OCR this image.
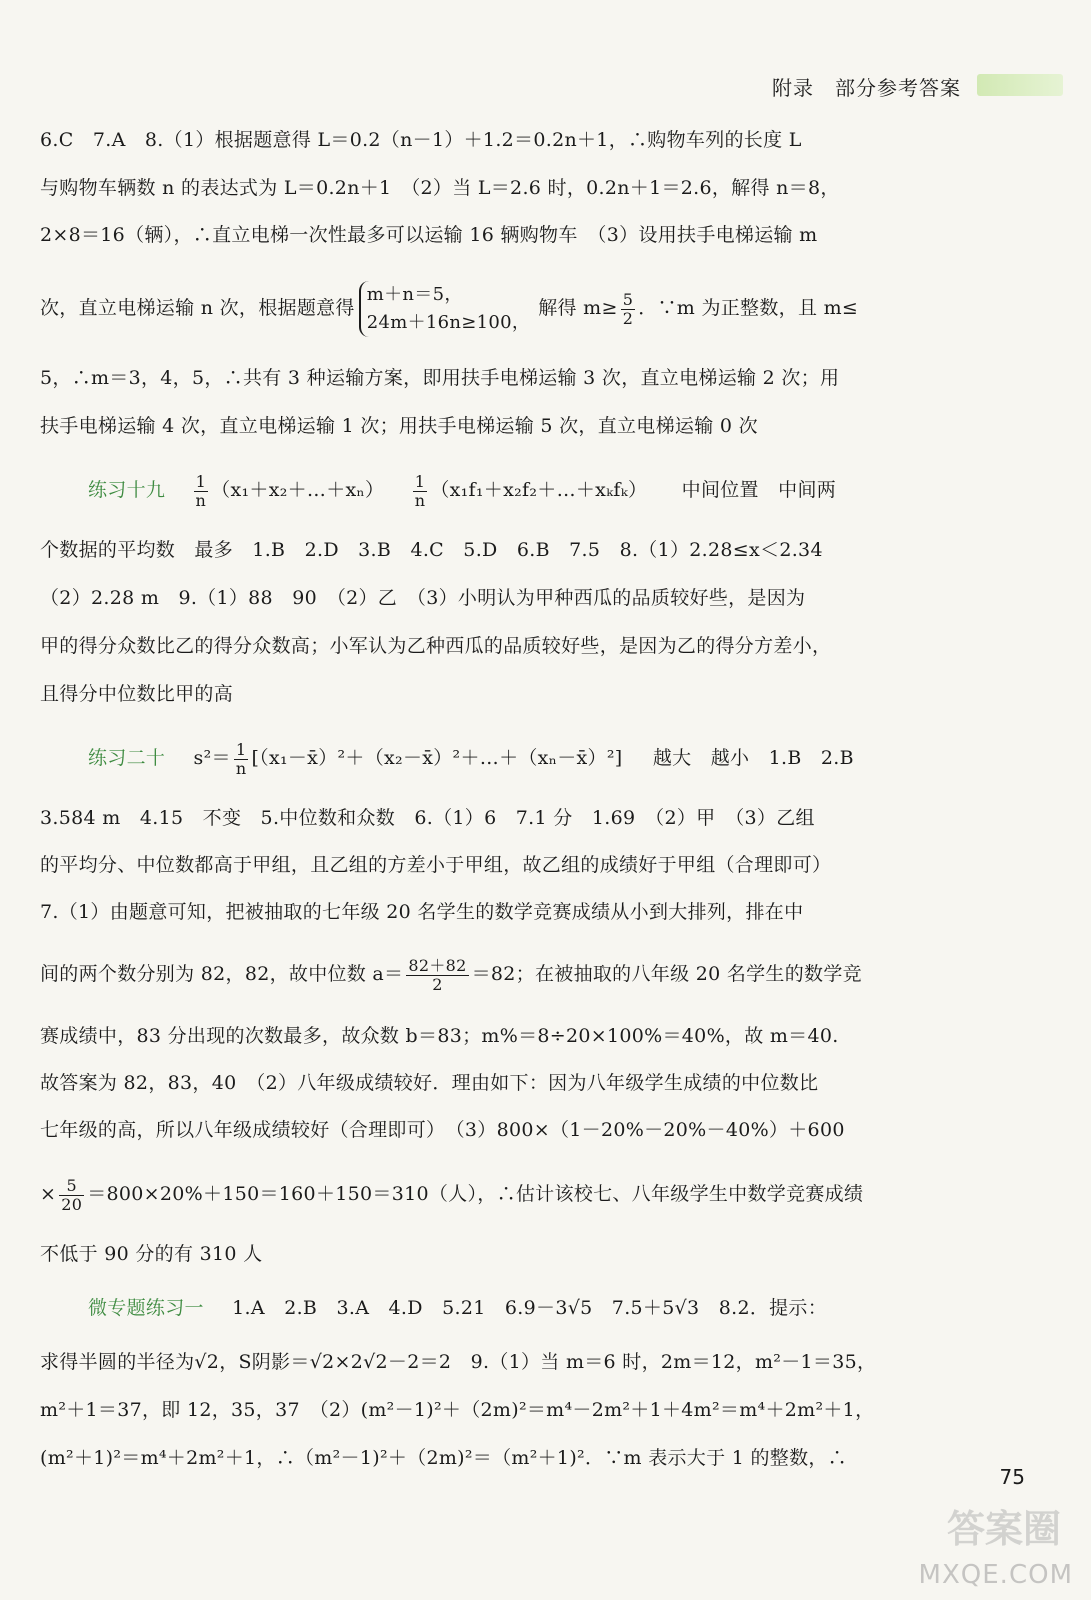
附录　部分参考答案
6.C　7.A　8.（1）根据题意得 L＝0.2（n－1）＋1.2＝0.2n＋1，∴购物车列的长度 L
与购物车辆数 n 的表达式为 L＝0.2n＋1　（2）当 L＝2.6 时，0.2n＋1＝2.6，解得 n＝8，
2×8＝16（辆），∴直立电梯一次性最多可以运输 16 辆购物车　（3）设用扶手电梯运输 m
次，直立电梯运输 n 次，根据题意得m＋n＝5，
24m＋16n≥100，解得 $m\ge \frac{5}{2}$ ．∵m 为正整数，且 m≤
5，∴m＝3，4，5，∴共有 3 种运输方案，即用扶手电梯运输 3 次，直立电梯运输 2 次；用
扶手电梯运输 4 次，直立电梯运输 1 次；用扶手电梯运输 5 次，直立电梯运输 0 次
练习十九 $\frac{1}{n}$ （x₁＋x₂＋…＋xₙ） $\frac{1}{n}$ （x₁f₁＋x₂f₂＋…＋xₖfₖ） 中间位置　中间两
个数据的平均数　最多　1.B　2.D　3.B　4.C　5.D　6.B　7.5　8.（1）2.28≤x＜2.34
（2）2.28 m　9.（1）88　90　（2）乙　（3）小明认为甲种西瓜的品质较好些，是因为
甲的得分众数比乙的得分众数高；小军认为乙种西瓜的品质较好些，是因为乙的得分方差小，
且得分中位数比甲的高
练习二十 $s^2= \frac{1}{n}$ [（x₁－x̄）²＋（x₂－x̄）²＋…＋（xₙ－x̄）²] 越大　越小　1.B　2.B
3.584 m　4.15　不变　5.中位数和众数　6.（1）6　7.1 分　1.69　（2）甲　（3）乙组
的平均分、中位数都高于甲组，且乙组的方差小于甲组，故乙组的成绩好于甲组（合理即可）
7.（1）由题意可知，把被抽取的七年级 20 名学生的数学竞赛成绩从小到大排列，排在中
间的两个数分别为 82，82，故中位数 $a= \frac{82+82}{2} =82$；在被抽取的八年级 20 名学生的数学竞
赛成绩中，83 分出现的次数最多，故众数 b＝83；m%＝8÷20×100%＝40%，故 m＝40.
故答案为 82，83，40　（2）八年级成绩较好．理由如下：因为八年级学生成绩的中位数比
七年级的高，所以八年级成绩较好（合理即可）　（3）800×（1－20%－20%－40%）＋600
× $\frac{5}{20} =800\times 20\%+150=160+150=310$（人），∴估计该校七、八年级学生中数学竞赛成绩
不低于 90 分的有 310 人
微专题练习一 1.A　2.B　3.A　4.D　5.21　6.9－3√5　7.5＋5√3　8.2．提示：
求得半圆的半径为√2，S阴影＝√2×2√2－2＝2　9.（1）当 m＝6 时，2m＝12，m²－1＝35，
m²＋1＝37，即 12，35，37　（2）(m²－1)²＋（2m)²＝m⁴－2m²＋1＋4m²＝m⁴＋2m²＋1，
(m²＋1)²＝m⁴＋2m²＋1，∴（m²－1)²＋（2m)²＝（m²＋1)²．∵m 表示大于 1 的整数，∴
75
答案圈
MXQE.COM
